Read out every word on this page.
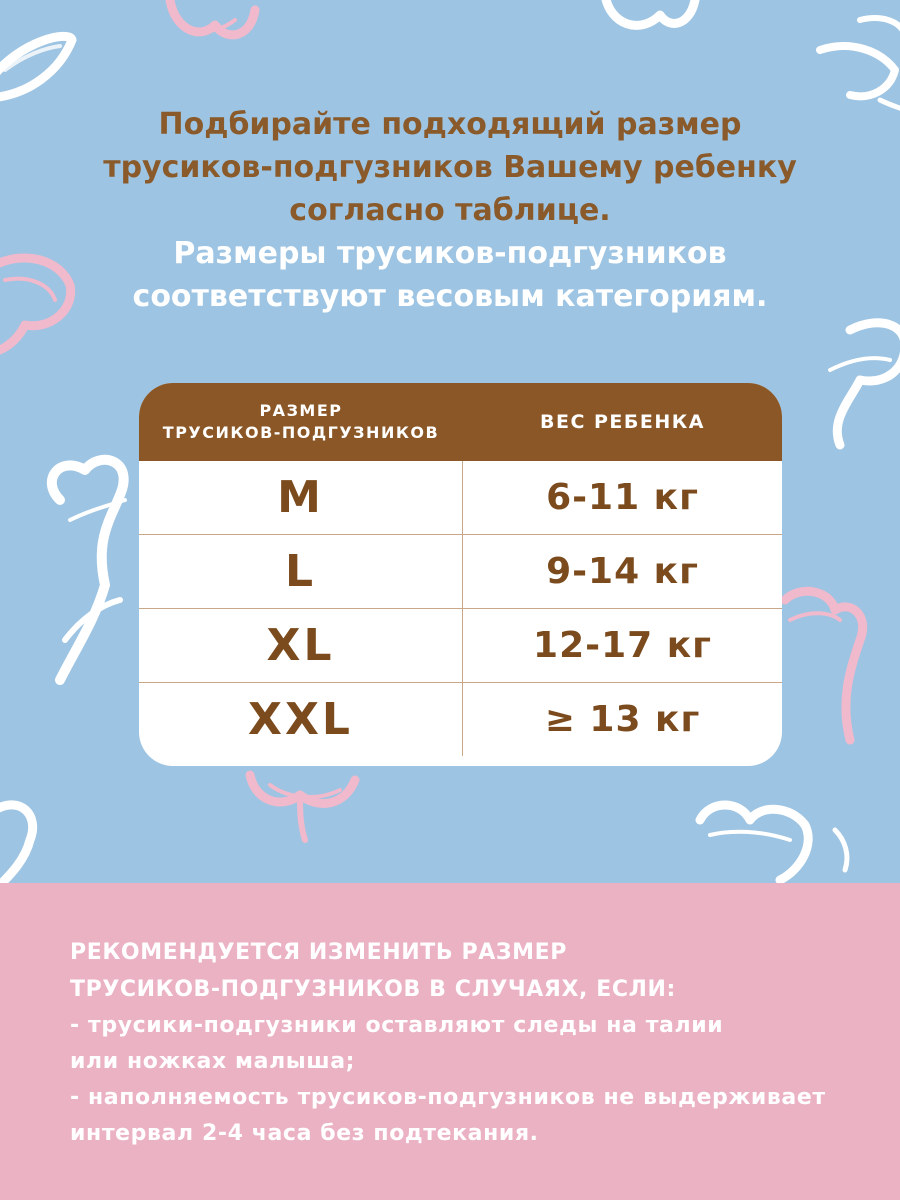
Подбирайте подходящий размер
трусиков-подгузников Вашему ребенку
согласно таблице.
Размеры трусиков-подгузников
соответствуют весовым категориям.
РАЗМЕР
ТРУСИКОВ-ПОДГУЗНИКОВ	ВЕС РЕБЕНКА
M	6-11 кг
L	9-14 кг
XL	12-17 кг
XXL	≥ 13 кг
РЕКОМЕНДУЕТСЯ ИЗМЕНИТЬ РАЗМЕР
ТРУСИКОВ-ПОДГУЗНИКОВ В СЛУЧАЯХ, ЕСЛИ:
- трусики-подгузники оставляют следы на талии
или ножках малыша;
- наполняемость трусиков-подгузников не выдерживает
интервал 2-4 часа без подтекания.
